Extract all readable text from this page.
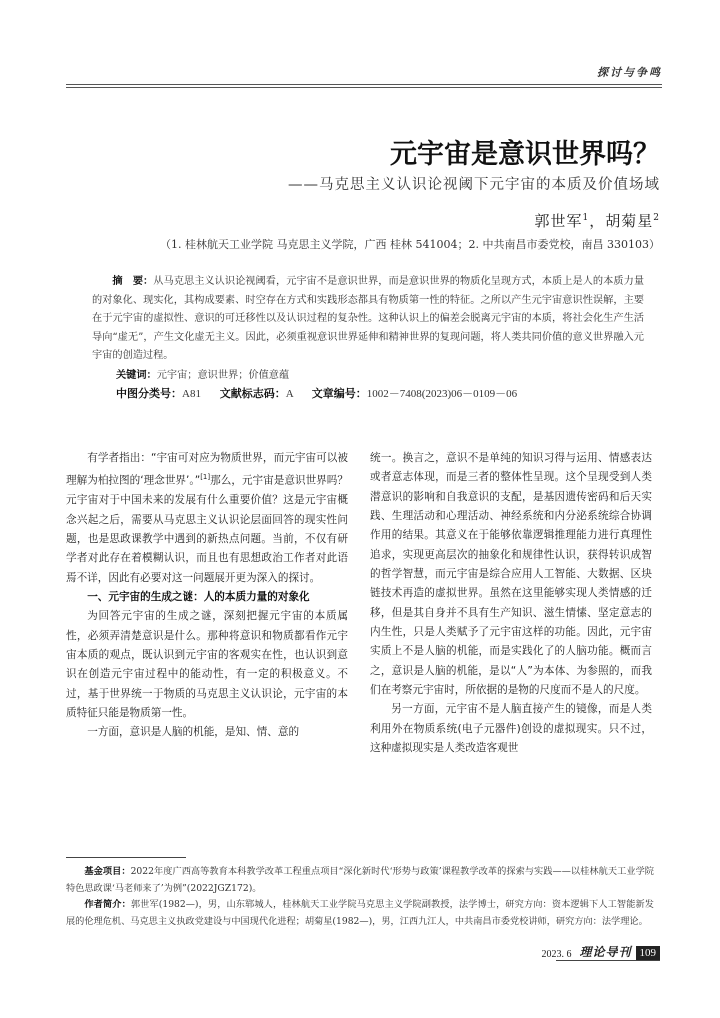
探讨与争鸣
元宇宙是意识世界吗？
——马克思主义认识论视阈下元宇宙的本质及价值场域
郭世军$^1$，胡菊星$^2$
（1. 桂林航天工业学院 马克思主义学院，广西 桂林 541004；2. 中共南昌市委党校，南昌 330103）
摘　要：从马克思主义认识论视阈看，元宇宙不是意识世界，而是意识世界的物质化呈现方式，本质上是人的本质力量的对象化、现实化，其构成要素、时空存在方式和实践形态都具有物质第一性的特征。之所以产生元宇宙意识性误解，主要在于元宇宙的虚拟性、意识的可迁移性以及认识过程的复杂性。这种认识上的偏差会脱离元宇宙的本质，将社会化生产生活导向“虚无”，产生文化虚无主义。因此，必须重视意识世界延伸和精神世界的复现问题，将人类共同价值的意义世界融入元宇宙的创造过程。
关键词：元宇宙；意识世界；价值意蕴
中图分类号：A81 文献标志码：A 文章编号：1002－7408(2023)06－0109－06

有学者指出：“宇宙可对应为物质世界，而元宇宙可以被理解为柏拉图的‘理念世界’。”[1]那么，元宇宙是意识世界吗？元宇宙对于中国未来的发展有什么重要价值？这是元宇宙概念兴起之后，需要从马克思主义认识论层面回答的现实性问题，也是思政课教学中遇到的新热点问题。当前，不仅有研学者对此存在着模糊认识，而且也有思想政治工作者对此语焉不详，因此有必要对这一问题展开更为深入的探讨。

一、元宇宙的生成之谜：人的本质力量的对象化

为回答元宇宙的生成之谜，深刻把握元宇宙的本质属性，必须弄清楚意识是什么。那种将意识和物质都看作元宇宙本质的观点，既认识到元宇宙的客观实在性，也认识到意识在创造元宇宙过程中的能动性，有一定的积极意义。不过，基于世界统一于物质的马克思主义认识论，元宇宙的本质特征只能是物质第一性。

一方面，意识是人脑的机能，是知、情、意的

统一。换言之，意识不是单纯的知识习得与运用、情感表达或者意志体现，而是三者的整体性呈现。这个呈现受到人类潜意识的影响和自我意识的支配，是基因遗传密码和后天实践、生理活动和心理活动、神经系统和内分泌系统综合协调作用的结果。其意义在于能够依靠逻辑推理能力进行真理性追求，实现更高层次的抽象化和规律性认识，获得转识成智的哲学智慧，而元宇宙是综合应用人工智能、大数据、区块链技术再造的虚拟世界。虽然在这里能够实现人类情感的迁移，但是其自身并不具有生产知识、滋生情愫、坚定意志的内生性，只是人类赋予了元宇宙这样的功能。因此，元宇宙实质上不是人脑的机能，而是实践化了的人脑功能。概而言之，意识是人脑的机能，是以“人”为本体、为参照的，而我们在考察元宇宙时，所依据的是物的尺度而不是人的尺度。

另一方面，元宇宙不是人脑直接产生的镜像，而是人类利用外在物质系统(电子元器件)创设的虚拟现实。只不过，这种虚拟现实是人类改造客观世

基金项目：2022年度广西高等教育本科教学改革工程重点项目“深化新时代‘形势与政策’课程教学改革的探索与实践——以桂林航天工业学院特色思政课‘马老师来了’为例”(2022JGZ172)。

作者简介：郭世军(1982—)，男，山东郓城人，桂林航天工业学院马克思主义学院副教授，法学博士，研究方向：资本逻辑下人工智能新发展的伦理危机、马克思主义执政党建设与中国现代化进程；胡菊星(1982—)，男，江西九江人，中共南昌市委党校讲师，研究方向：法学理论。

2023. 6 理论导刊 109
